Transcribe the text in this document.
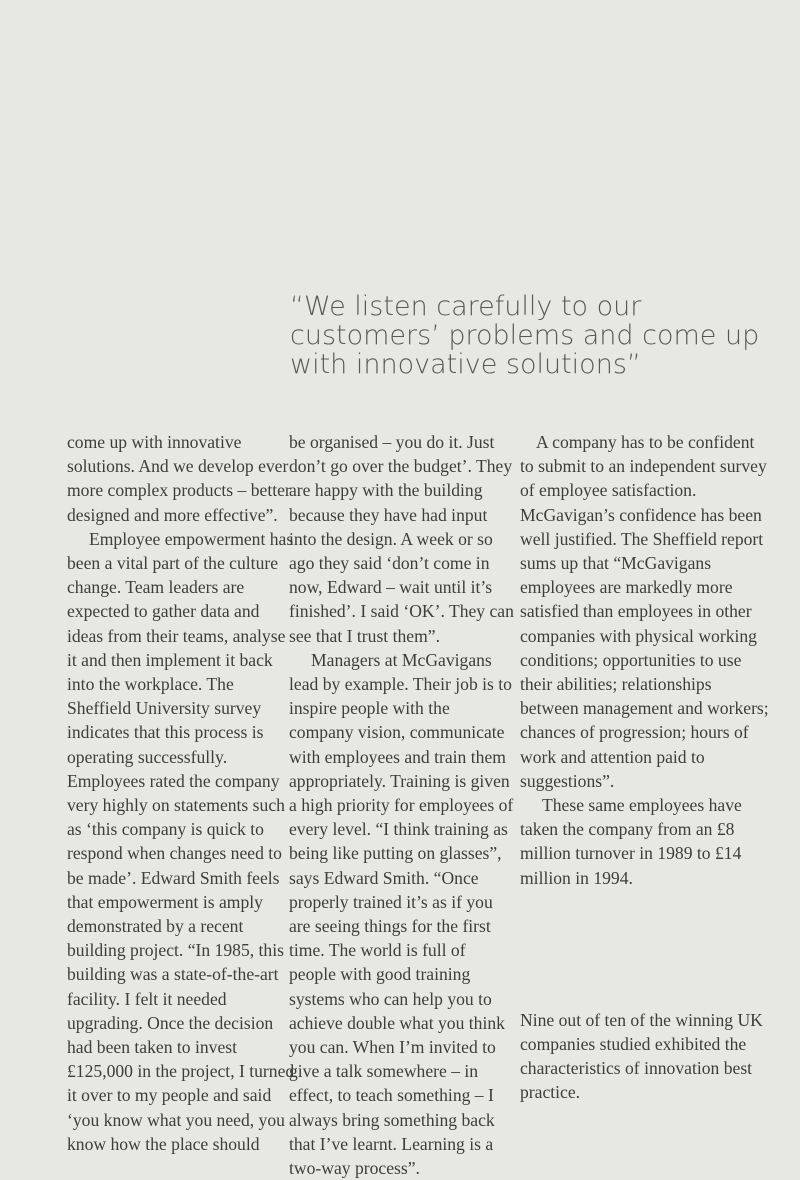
“We listen carefully to our customers’ problems and come up with innovative solutions”

come up with innovative solutions. And we develop ever more complex products – better designed and more effective”.

Employee empowerment has been a vital part of the culture change. Team leaders are expected to gather data and ideas from their teams, analyse it and then implement it back into the workplace. The Sheffield University survey indicates that this process is operating successfully. Employees rated the company very highly on statements such as ‘this company is quick to respond when changes need to be made’. Edward Smith feels that empowerment is amply demonstrated by a recent building project. “In 1985, this building was a state-of-the-art facility. I felt it needed upgrading. Once the decision had been taken to invest £125,000 in the project, I turned it over to my people and said ‘you know what you need, you know how the place should

be organised – you do it. Just don’t go over the budget’. They are happy with the building because they have had input into the design. A week or so ago they said ‘don’t come in now, Edward – wait until it’s finished’. I said ‘OK’. They can see that I trust them”.

Managers at McGavigans lead by example. Their job is to inspire people with the company vision, communicate with employees and train them appropriately. Training is given a high priority for employees of every level. “I think training as being like putting on glasses”, says Edward Smith. “Once properly trained it’s as if you are seeing things for the first time. The world is full of people with good training systems who can help you to achieve double what you think you can. When I’m invited to give a talk somewhere – in effect, to teach something – I always bring something back that I’ve learnt. Learning is a two-way process”.

A company has to be confident to submit to an independent survey of employee satisfaction. McGavigan’s confidence has been well justified. The Sheffield report sums up that “McGavigans employees are markedly more satisfied than employees in other companies with physical working conditions; opportunities to use their abilities; relationships between management and workers; chances of progression; hours of work and attention paid to suggestions”.

These same employees have taken the company from an £8 million turnover in 1989 to £14 million in 1994.

Nine out of ten of the winning UK companies studied exhibited the characteristics of innovation best practice.
